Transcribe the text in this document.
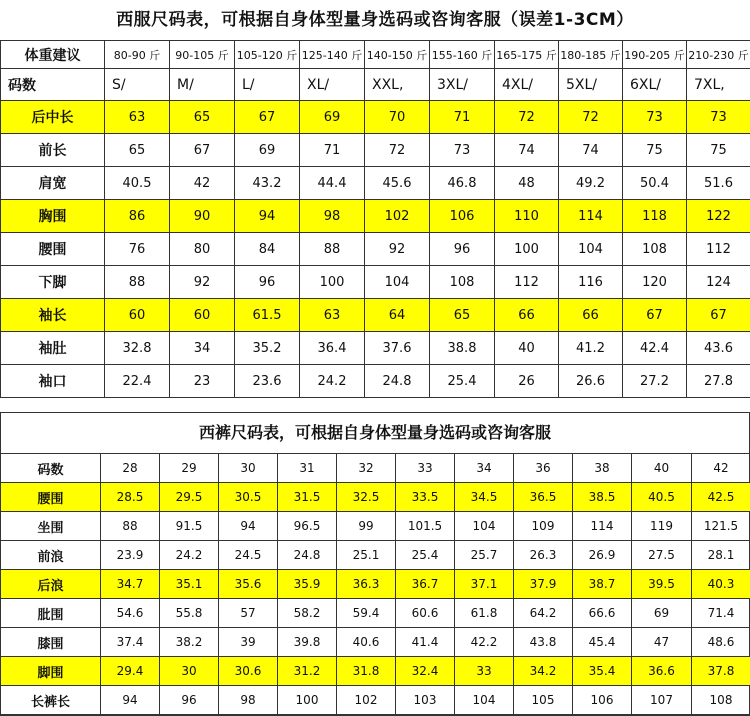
西服尺码表，可根据自身体型量身选码或咨询客服（误差1-3CM）
体重建议	80-90 斤	90-105 斤	105-120 斤	125-140 斤	140-150 斤	155-160 斤	165-175 斤	180-185 斤	190-205 斤	210-230 斤
码数	S/	M/	L/	XL/	XXL,	3XL/	4XL/	5XL/	6XL/	7XL,
后中长	63	65	67	69	70	71	72	72	73	73
前长	65	67	69	71	72	73	74	74	75	75
肩宽	40.5	42	43.2	44.4	45.6	46.8	48	49.2	50.4	51.6
胸围	86	90	94	98	102	106	110	114	118	122
腰围	76	80	84	88	92	96	100	104	108	112
下脚	88	92	96	100	104	108	112	116	120	124
袖长	60	60	61.5	63	64	65	66	66	67	67
袖肚	32.8	34	35.2	36.4	37.6	38.8	40	41.2	42.4	43.6
袖口	22.4	23	23.6	24.2	24.8	25.4	26	26.6	27.2	27.8
西裤尺码表，可根据自身体型量身选码或咨询客服
码数	28	29	30	31	32	33	34	36	38	40	42
腰围	28.5	29.5	30.5	31.5	32.5	33.5	34.5	36.5	38.5	40.5	42.5
坐围	88	91.5	94	96.5	99	101.5	104	109	114	119	121.5
前浪	23.9	24.2	24.5	24.8	25.1	25.4	25.7	26.3	26.9	27.5	28.1
后浪	34.7	35.1	35.6	35.9	36.3	36.7	37.1	37.9	38.7	39.5	40.3
肶围	54.6	55.8	57	58.2	59.4	60.6	61.8	64.2	66.6	69	71.4
膝围	37.4	38.2	39	39.8	40.6	41.4	42.2	43.8	45.4	47	48.6
脚围	29.4	30	30.6	31.2	31.8	32.4	33	34.2	35.4	36.6	37.8
长裤长	94	96	98	100	102	103	104	105	106	107	108
